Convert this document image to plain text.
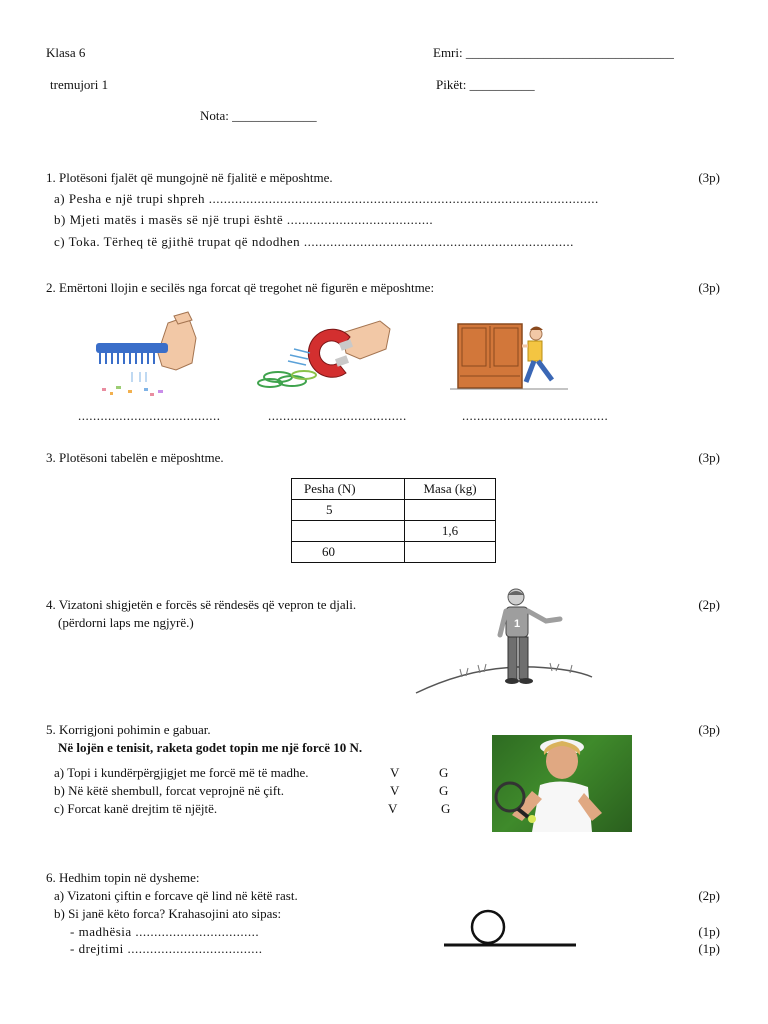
Klasa 6	Emri: ________________________________
tremujori 1	Pikët: __________
Nota: _____________
1. Plotësoni fjalët që mungojnë në fjalitë e mëposhtme.	(3p)
a) Pesha e një trupi shpreh ........................................................................................................
b) Mjeti matës i masës së një trupi është .......................................
c) Toka. Tërheq të gjithë trupat që ndodhen ........................................................................
2. Emërtoni llojin e secilës nga forcat që tregohet në figurën e mëposhtme:	(3p)
......................................	.....................................	.......................................
3. Plotësoni tabelën e mëposhtme.	(3p)
Pesha (N)	Masa (kg)
5	
	1,6
60	
4. Vizatoni shigjetën e forcës së rëndesës që vepron te djali.
(përdorni laps me ngjyrë.)
(2p)
1
5. Korrigjoni pohimin e gabuar.	(3p)
Në lojën e tenisit, raketa godet topin me një forcë 10 N.
a) Topi i kundërpërgjigjet me forcë më të madhe.	V	G
b) Në këtë shembull, forcat veprojnë në çift.	V	G
c) Forcat kanë drejtim të njëjtë.	V	G
6. Hedhim topin në dysheme:
a) Vizatoni çiftin e forcave që lind në këtë rast.	(2p)
b) Si janë këto forca? Krahasojini ato sipas:
- madhësia .................................	(1p)
- drejtimi ....................................	(1p)
